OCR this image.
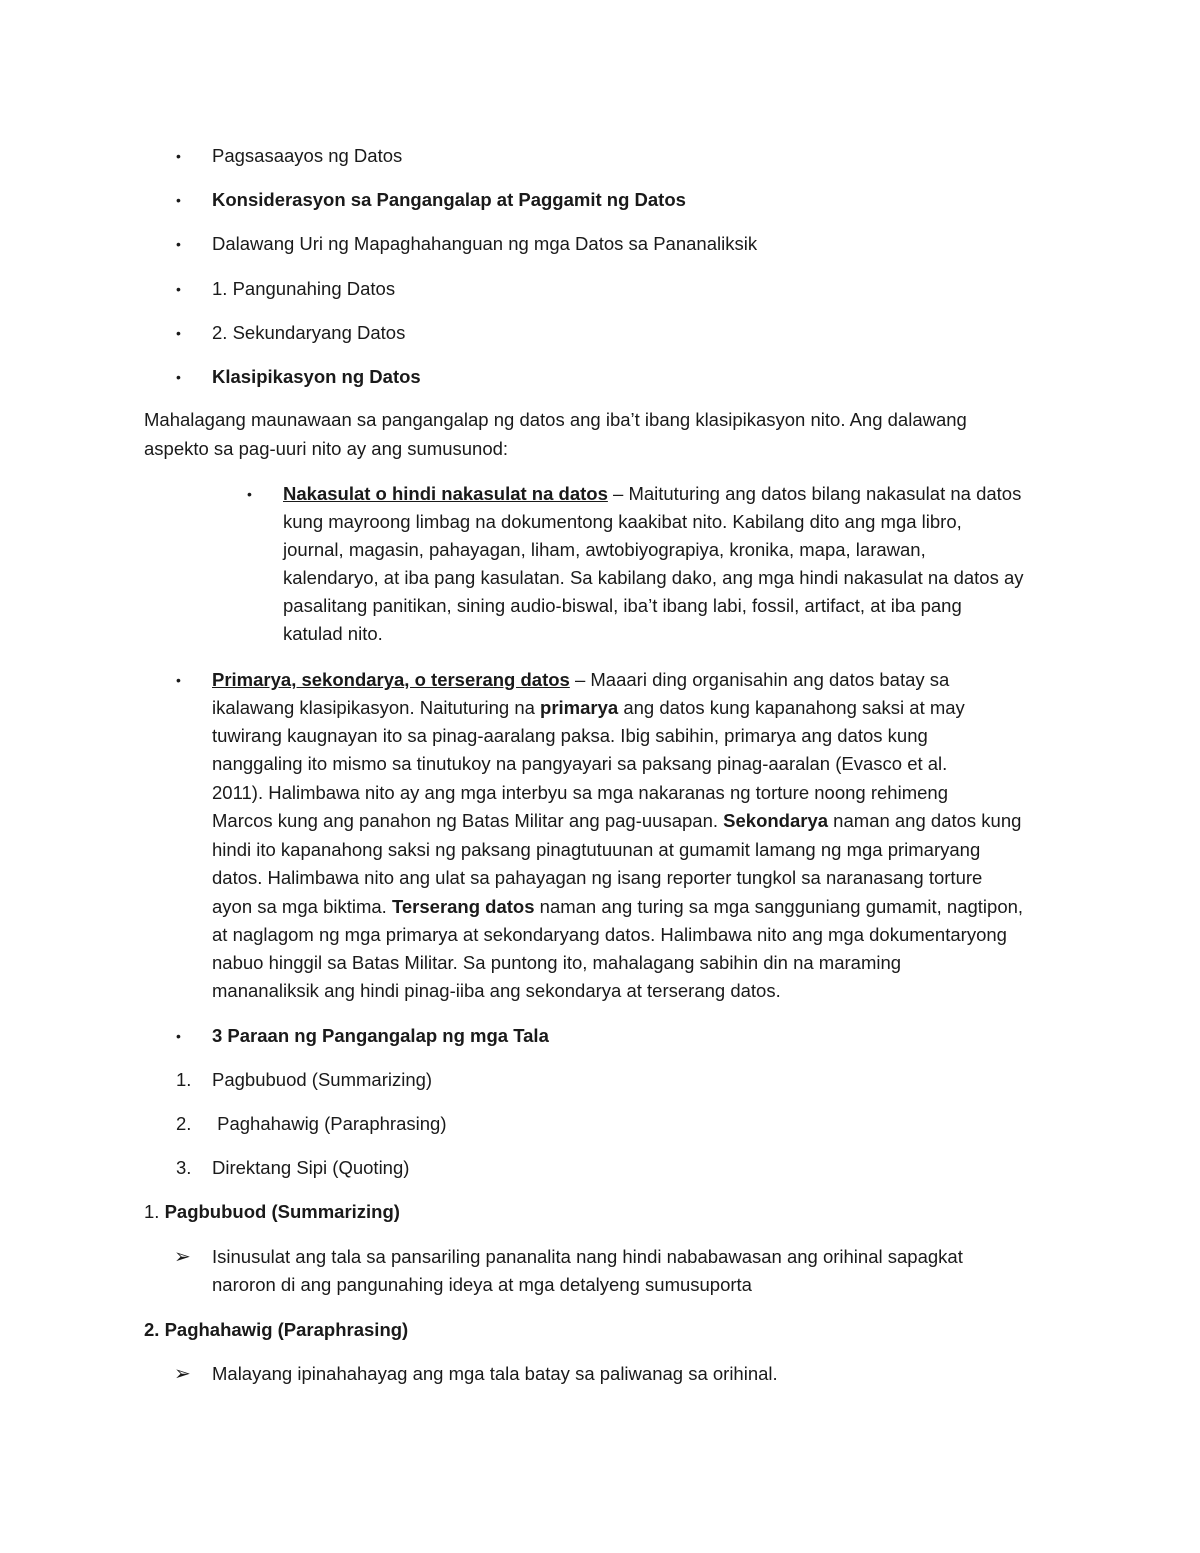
• Pagsasaayos ng Datos
• Konsiderasyon sa Pangangalap at Paggamit ng Datos
• Dalawang Uri ng Mapaghahanguan ng mga Datos sa Pananaliksik
• 1. Pangunahing Datos
• 2. Sekundaryang Datos
• Klasipikasyon ng Datos
Mahalagang maunawaan sa pangangalap ng datos ang iba’t ibang klasipikasyon nito. Ang dalawang
aspekto sa pag-uuri nito ay ang sumusunod:
• Nakasulat o hindi nakasulat na datos – Maituturing ang datos bilang nakasulat na datos
kung mayroong limbag na dokumentong kaakibat nito. Kabilang dito ang mga libro,
journal, magasin, pahayagan, liham, awtobiyograpiya, kronika, mapa, larawan,
kalendaryo, at iba pang kasulatan. Sa kabilang dako, ang mga hindi nakasulat na datos ay
pasalitang panitikan, sining audio-biswal, iba’t ibang labi, fossil, artifact, at iba pang
katulad nito.
• Primarya, sekondarya, o terserang datos – Maaari ding organisahin ang datos batay sa
ikalawang klasipikasyon. Naituturing na primarya ang datos kung kapanahong saksi at may
tuwirang kaugnayan ito sa pinag-aaralang paksa. Ibig sabihin, primarya ang datos kung
nanggaling ito mismo sa tinutukoy na pangyayari sa paksang pinag-aaralan (Evasco et al.
2011). Halimbawa nito ay ang mga interbyu sa mga nakaranas ng torture noong rehimeng
Marcos kung ang panahon ng Batas Militar ang pag-uusapan. Sekondarya naman ang datos kung
hindi ito kapanahong saksi ng paksang pinagtutuunan at gumamit lamang ng mga primaryang
datos. Halimbawa nito ang ulat sa pahayagan ng isang reporter tungkol sa naranasang torture
ayon sa mga biktima. Terserang datos naman ang turing sa mga sangguniang gumamit, nagtipon,
at naglagom ng mga primarya at sekondaryang datos. Halimbawa nito ang mga dokumentaryong
nabuo hinggil sa Batas Militar. Sa puntong ito, mahalagang sabihin din na maraming
mananaliksik ang hindi pinag-iiba ang sekondarya at terserang datos.
• 3 Paraan ng Pangangalap ng mga Tala
1. Pagbubuod (Summarizing)
2. Paghahawig (Paraphrasing)
3. Direktang Sipi (Quoting)
1. Pagbubuod (Summarizing)
➢ Isinusulat ang tala sa pansariling pananalita nang hindi nababawasan ang orihinal sapagkat
naroron di ang pangunahing ideya at mga detalyeng sumusuporta
2. Paghahawig (Paraphrasing)
➢ Malayang ipinahahayag ang mga tala batay sa paliwanag sa orihinal.
